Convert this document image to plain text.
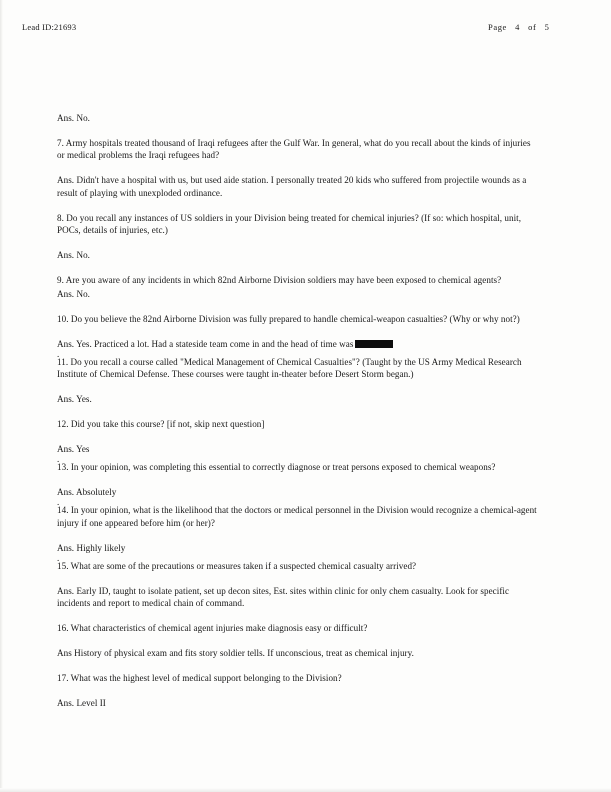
Lead ID:21693	Page 4 of 5

Ans. No.

7. Army hospitals treated thousand of Iraqi refugees after the Gulf War. In general, what do you recall about the kinds of injuries or medical problems the Iraqi refugees had?

Ans. Didn't have a hospital with us, but used aide station. I personally treated 20 kids who suffered from projectile wounds as a result of playing with unexploded ordinance.

8. Do you recall any instances of US soldiers in your Division being treated for chemical injuries? (If so: which hospital, unit, POCs, details of injuries, etc.)

Ans. No.

9. Are you aware of any incidents in which 82nd Airborne Division soldiers may have been exposed to chemical agents?

Ans. No.

10. Do you believe the 82nd Airborne Division was fully prepared to handle chemical-weapon casualties? (Why or why not?)

Ans. Yes. Practiced a lot. Had a stateside team come in and the head of time was

.

11. Do you recall a course called "Medical Management of Chemical Casualties"? (Taught by the US Army Medical Research Institute of Chemical Defense. These courses were taught in-theater before Desert Storm began.)

Ans. Yes.

12. Did you take this course? [if not, skip next question]

Ans. Yes

.

13. In your opinion, was completing this essential to correctly diagnose or treat persons exposed to chemical weapons?

Ans. Absolutely

.

14. In your opinion, what is the likelihood that the doctors or medical personnel in the Division would recognize a chemical-agent injury if one appeared before him (or her)?

Ans. Highly likely

.

15. What are some of the precautions or measures taken if a suspected chemical casualty arrived?

Ans. Early ID, taught to isolate patient, set up decon sites, Est. sites within clinic for only chem casualty. Look for specific incidents and report to medical chain of command.

16. What characteristics of chemical agent injuries make diagnosis easy or difficult?

Ans History of physical exam and fits story soldier tells. If unconscious, treat as chemical injury.

17. What was the highest level of medical support belonging to the Division?

Ans. Level II
